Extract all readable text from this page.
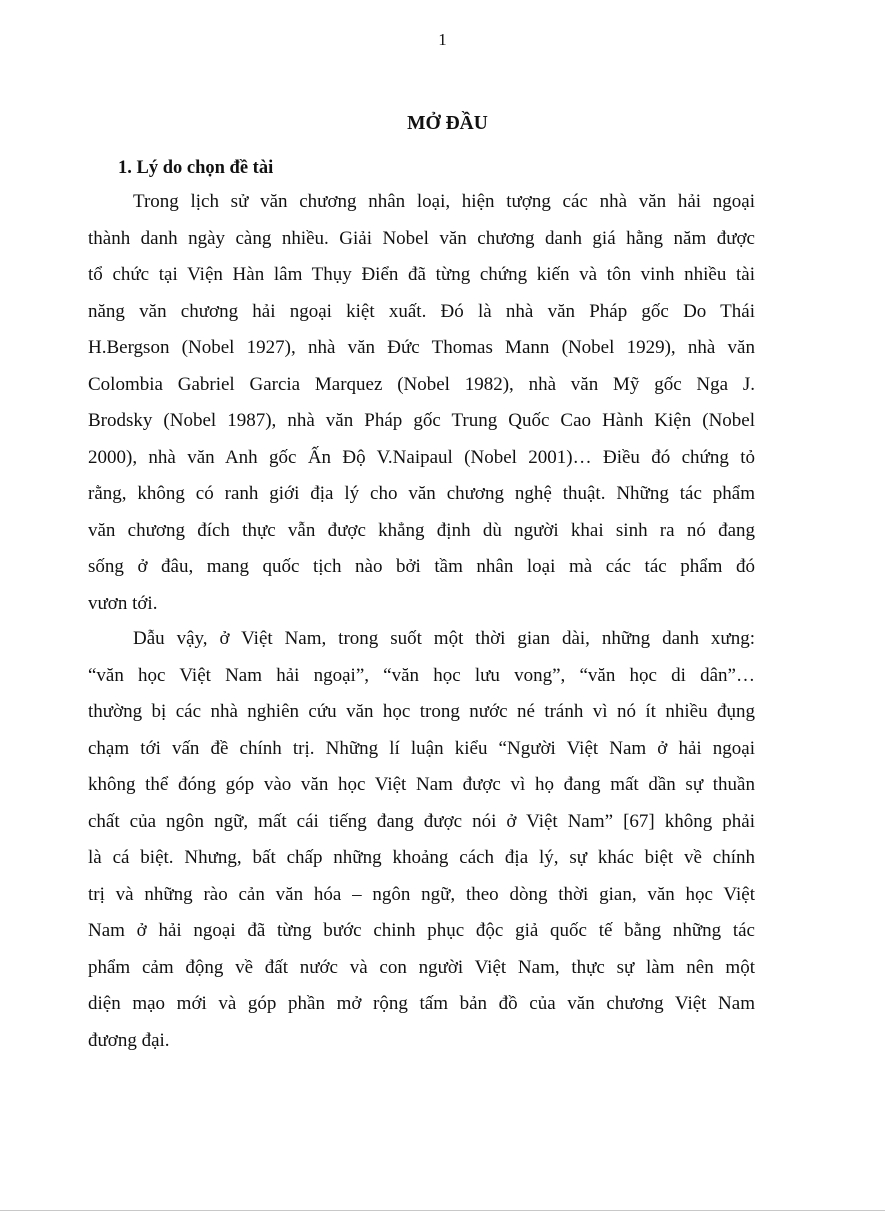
1
MỞ ĐẦU
1. Lý do chọn đề tài
Trong lịch sử văn chương nhân loại, hiện tượng các nhà văn hải ngoại
thành danh ngày càng nhiều. Giải Nobel văn chương danh giá hằng năm được
tổ chức tại Viện Hàn lâm Thụy Điển đã từng chứng kiến và tôn vinh nhiều tài
năng văn chương hải ngoại kiệt xuất. Đó là nhà văn Pháp gốc Do Thái
H.Bergson (Nobel 1927), nhà văn Đức Thomas Mann (Nobel 1929), nhà văn
Colombia Gabriel Garcia Marquez (Nobel 1982), nhà văn Mỹ gốc Nga J.
Brodsky (Nobel 1987), nhà văn Pháp gốc Trung Quốc Cao Hành Kiện (Nobel
2000), nhà văn Anh gốc Ấn Độ V.Naipaul (Nobel 2001)… Điều đó chứng tỏ
rằng, không có ranh giới địa lý cho văn chương nghệ thuật. Những tác phẩm
văn chương đích thực vẫn được khẳng định dù người khai sinh ra nó đang
sống ở đâu, mang quốc tịch nào bởi tầm nhân loại mà các tác phẩm đó
vươn tới.
Dẫu vậy, ở Việt Nam, trong suốt một thời gian dài, những danh xưng:
“văn học Việt Nam hải ngoại”, “văn học lưu vong”, “văn học di dân”…
thường bị các nhà nghiên cứu văn học trong nước né tránh vì nó ít nhiều đụng
chạm tới vấn đề chính trị. Những lí luận kiểu “Người Việt Nam ở hải ngoại
không thể đóng góp vào văn học Việt Nam được vì họ đang mất dần sự thuần
chất của ngôn ngữ, mất cái tiếng đang được nói ở Việt Nam” [67] không phải
là cá biệt. Nhưng, bất chấp những khoảng cách địa lý, sự khác biệt về chính
trị và những rào cản văn hóa – ngôn ngữ, theo dòng thời gian, văn học Việt
Nam ở hải ngoại đã từng bước chinh phục độc giả quốc tế bằng những tác
phẩm cảm động về đất nước và con người Việt Nam, thực sự làm nên một
diện mạo mới và góp phần mở rộng tấm bản đồ của văn chương Việt Nam
đương đại.
